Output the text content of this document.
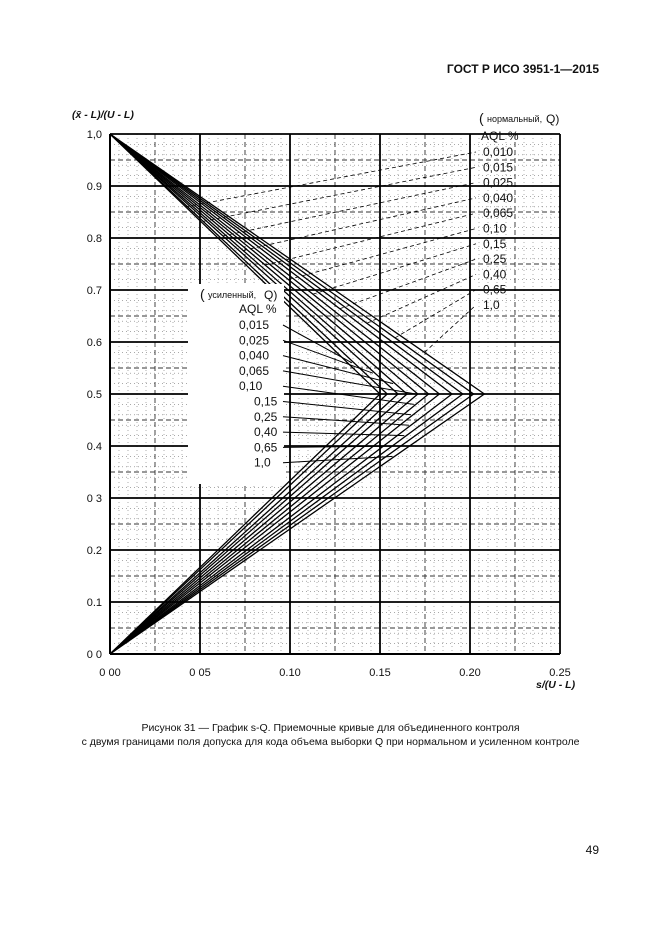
ГОСТ Р ИСО 3951-1—2015
0 00	0 05	0.10	0.15	0.20	0.25
0 0
0.1
0.2
0 3
0.4
0.5
0.6
0.7
0.8
0.9
1,0
(x̄ - L)/(U - L)
s/(U - L)
( нормальный, Q)
AQL %
0,010
0,015
0,025
0,040
0,065
0,10
0,15
0,25
0,40
0,65
1,0
( усиленный, Q)
AQL %
0,015
0,025
0,040
0,065
0,10
0,15
0,25
0,40
0,65
1,0
Рисунок 31 — График s-Q. Приемочные кривые для объединенного контроля
с двумя границами поля допуска для кода объема выборки Q при нормальном и усиленном контроле
49
